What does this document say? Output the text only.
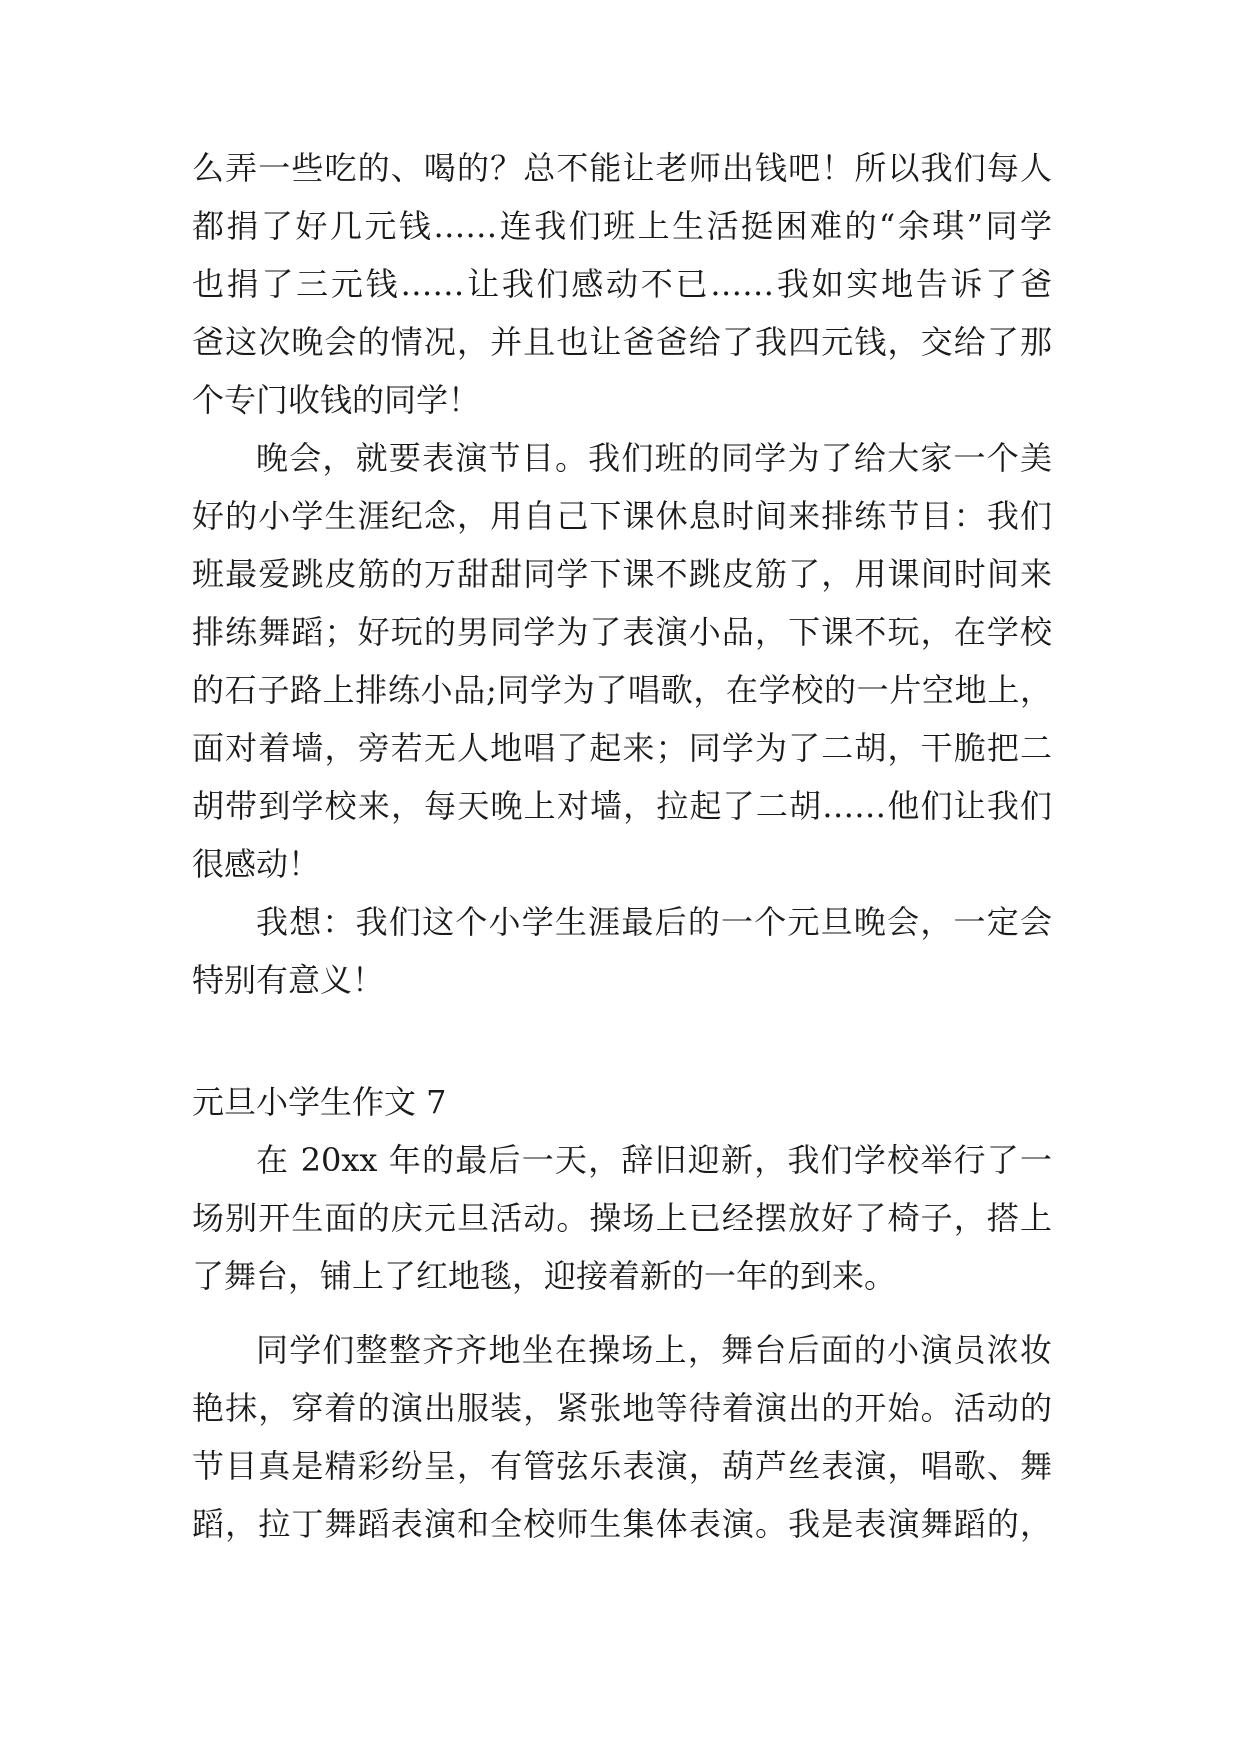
么弄一些吃的、喝的？总不能让老师出钱吧！所以我们每人

都捐了好几元钱……连我们班上生活挺困难的“余琪”同学

也捐了三元钱……让我们感动不已……我如实地告诉了爸

爸这次晚会的情况，并且也让爸爸给了我四元钱，交给了那

个专门收钱的同学！

晚会，就要表演节目。我们班的同学为了给大家一个美

好的小学生涯纪念，用自己下课休息时间来排练节目：我们

班最爱跳皮筋的万甜甜同学下课不跳皮筋了，用课间时间来

排练舞蹈；好玩的男同学为了表演小品，下课不玩，在学校

的石子路上排练小品;同学为了唱歌，在学校的一片空地上，

面对着墙，旁若无人地唱了起来；同学为了二胡，干脆把二

胡带到学校来，每天晚上对墙，拉起了二胡……他们让我们

很感动！

我想：我们这个小学生涯最后的一个元旦晚会，一定会

特别有意义！

元旦小学生作文 7

在 20xx 年的最后一天，辞旧迎新，我们学校举行了一

场别开生面的庆元旦活动。操场上已经摆放好了椅子，搭上

了舞台，铺上了红地毯，迎接着新的一年的到来。

同学们整整齐齐地坐在操场上，舞台后面的小演员浓妆

艳抹，穿着的演出服装，紧张地等待着演出的开始。活动的

节目真是精彩纷呈，有管弦乐表演，葫芦丝表演，唱歌、舞

蹈，拉丁舞蹈表演和全校师生集体表演。我是表演舞蹈的，
